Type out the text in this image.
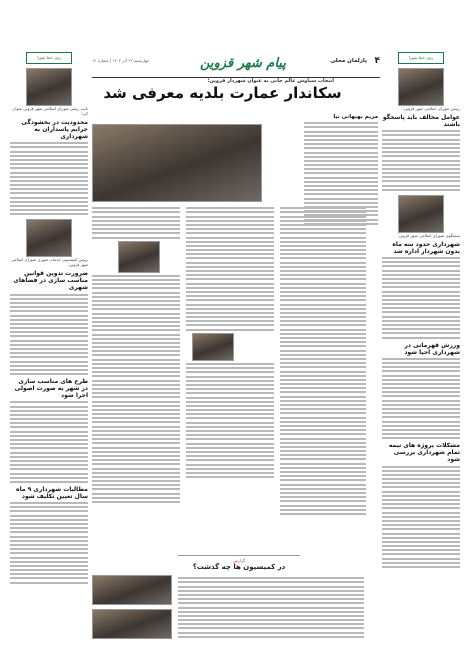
۴
پارلمان محلی
پیام شهر قزوین
چهارشنبه ۲۲ آذر ۱۴۰۲ | شماره ۱۲
انتخاب سیاوش عالم خانی به عنوان شهردار قزوین؛
سکاندار عمارت بلدیه معرفی شد
مریم بهبهانی نیا
گزارش
در کمیسیون ها چه گذشت؟
روی خط شورا
رییس شورای اسلامی شهر قزوین:
عوامل مخالف باید پاسخگو باشند
سخنگوی شورای اسلامی شهر قزوین:
شهرداری حدود سه ماه بدون شهردار اداره شد
ورزش قهرمانی در شهرداری احیا شود
مشکلات پروژه های نیمه تمام شهرداری بررسی شود
روی خط شورا
نایب رییس شورای اسلامی شهر قزوین عنوان کرد:
محدودیت در بخشودگی جرایم پاسداران به شهرداری
رییس کمیسیون خدمات شهری شورای اسلامی شهر قزوین:
ضرورت تدوین قوانین مناسب سازی در فضاهای شهری
طرح های مناسب سازی در شهر به صورت اصولی اجرا شود
مطالبات شهرداری ۹ ماه سال تعیین تکلیف شود
